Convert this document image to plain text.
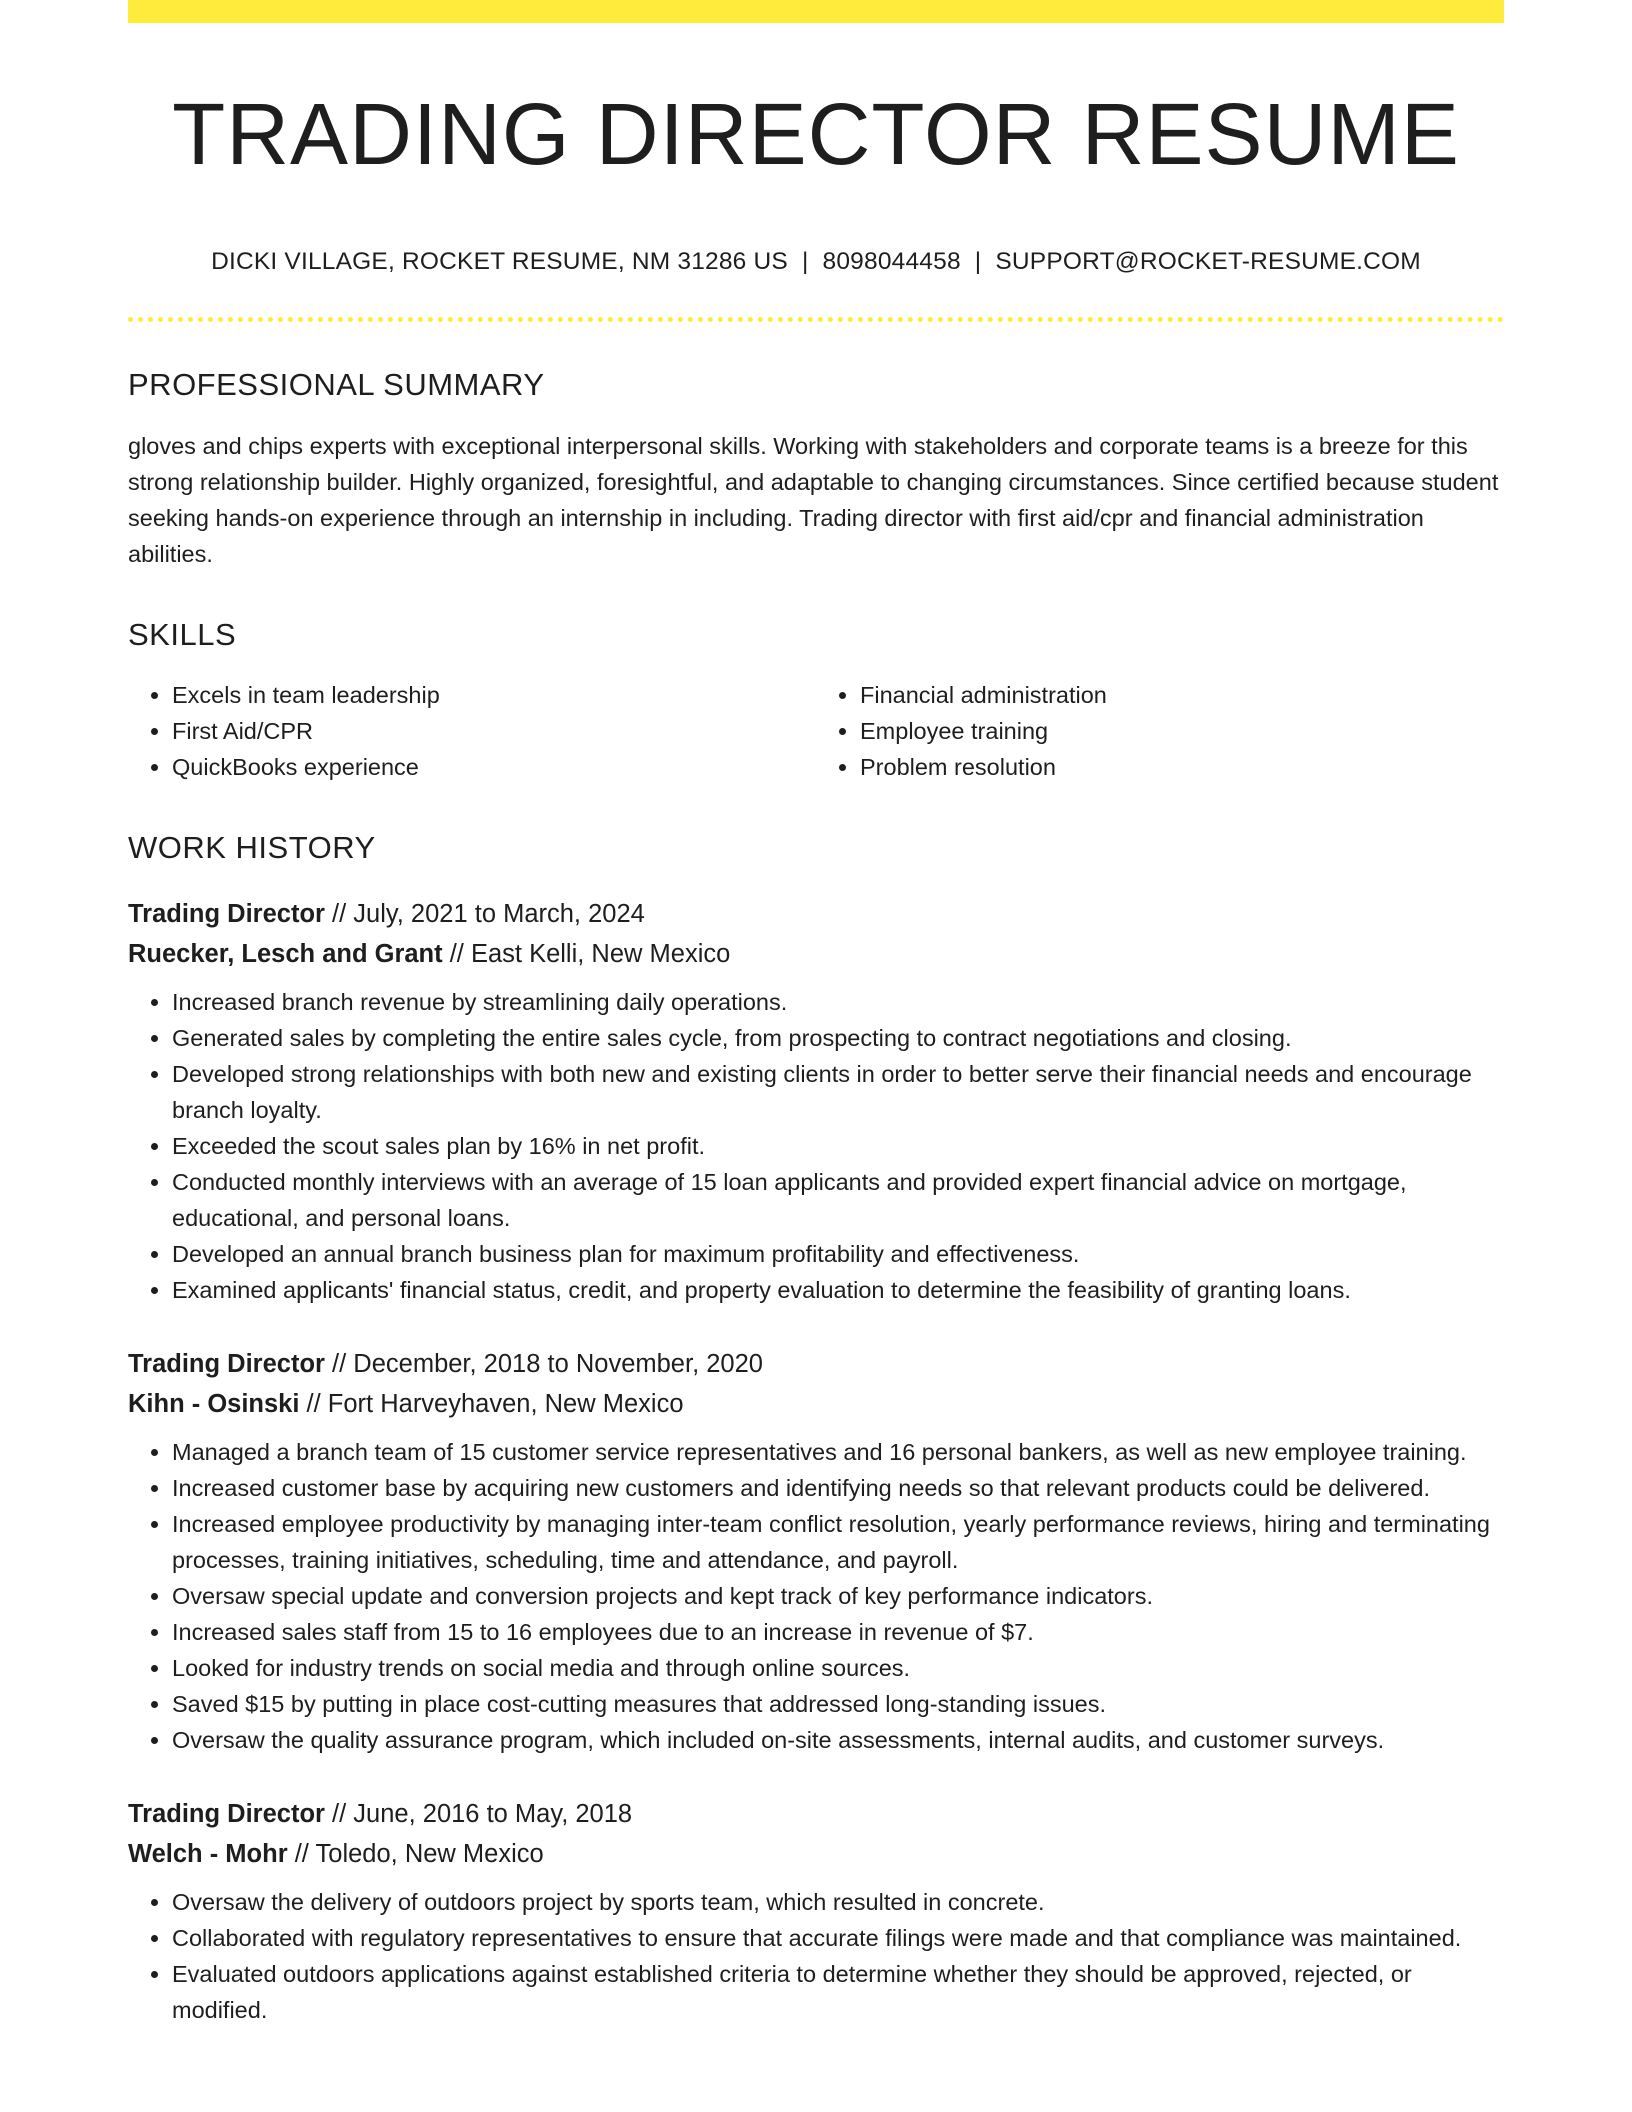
TRADING DIRECTOR RESUME
DICKI VILLAGE, ROCKET RESUME, NM 31286 US | 8098044458 | SUPPORT@ROCKET-RESUME.COM
PROFESSIONAL SUMMARY

gloves and chips experts with exceptional interpersonal skills. Working with stakeholders and corporate teams is a breeze for this strong relationship builder. Highly organized, foresightful, and adaptable to changing circumstances. Since certified because student seeking hands-on experience through an internship in including. Trading director with first aid/cpr and financial administration abilities.

SKILLS
• Excels in team leadership
• First Aid/CPR
• QuickBooks experience
• Financial administration
• Employee training
• Problem resolution
WORK HISTORY
Trading Director // July, 2021 to March, 2024
Ruecker, Lesch and Grant // East Kelli, New Mexico
• Increased branch revenue by streamlining daily operations.
• Generated sales by completing the entire sales cycle, from prospecting to contract negotiations and closing.
• Developed strong relationships with both new and existing clients in order to better serve their financial needs and encourage branch loyalty.
• Exceeded the scout sales plan by 16% in net profit.
• Conducted monthly interviews with an average of 15 loan applicants and provided expert financial advice on mortgage, educational, and personal loans.
• Developed an annual branch business plan for maximum profitability and effectiveness.
• Examined applicants' financial status, credit, and property evaluation to determine the feasibility of granting loans.
Trading Director // December, 2018 to November, 2020
Kihn - Osinski // Fort Harveyhaven, New Mexico
• Managed a branch team of 15 customer service representatives and 16 personal bankers, as well as new employee training.
• Increased customer base by acquiring new customers and identifying needs so that relevant products could be delivered.
• Increased employee productivity by managing inter-team conflict resolution, yearly performance reviews, hiring and terminating processes, training initiatives, scheduling, time and attendance, and payroll.
• Oversaw special update and conversion projects and kept track of key performance indicators.
• Increased sales staff from 15 to 16 employees due to an increase in revenue of $7.
• Looked for industry trends on social media and through online sources.
• Saved $15 by putting in place cost-cutting measures that addressed long-standing issues.
• Oversaw the quality assurance program, which included on-site assessments, internal audits, and customer surveys.
Trading Director // June, 2016 to May, 2018
Welch - Mohr // Toledo, New Mexico
• Oversaw the delivery of outdoors project by sports team, which resulted in concrete.
• Collaborated with regulatory representatives to ensure that accurate filings were made and that compliance was maintained.
• Evaluated outdoors applications against established criteria to determine whether they should be approved, rejected, or modified.
